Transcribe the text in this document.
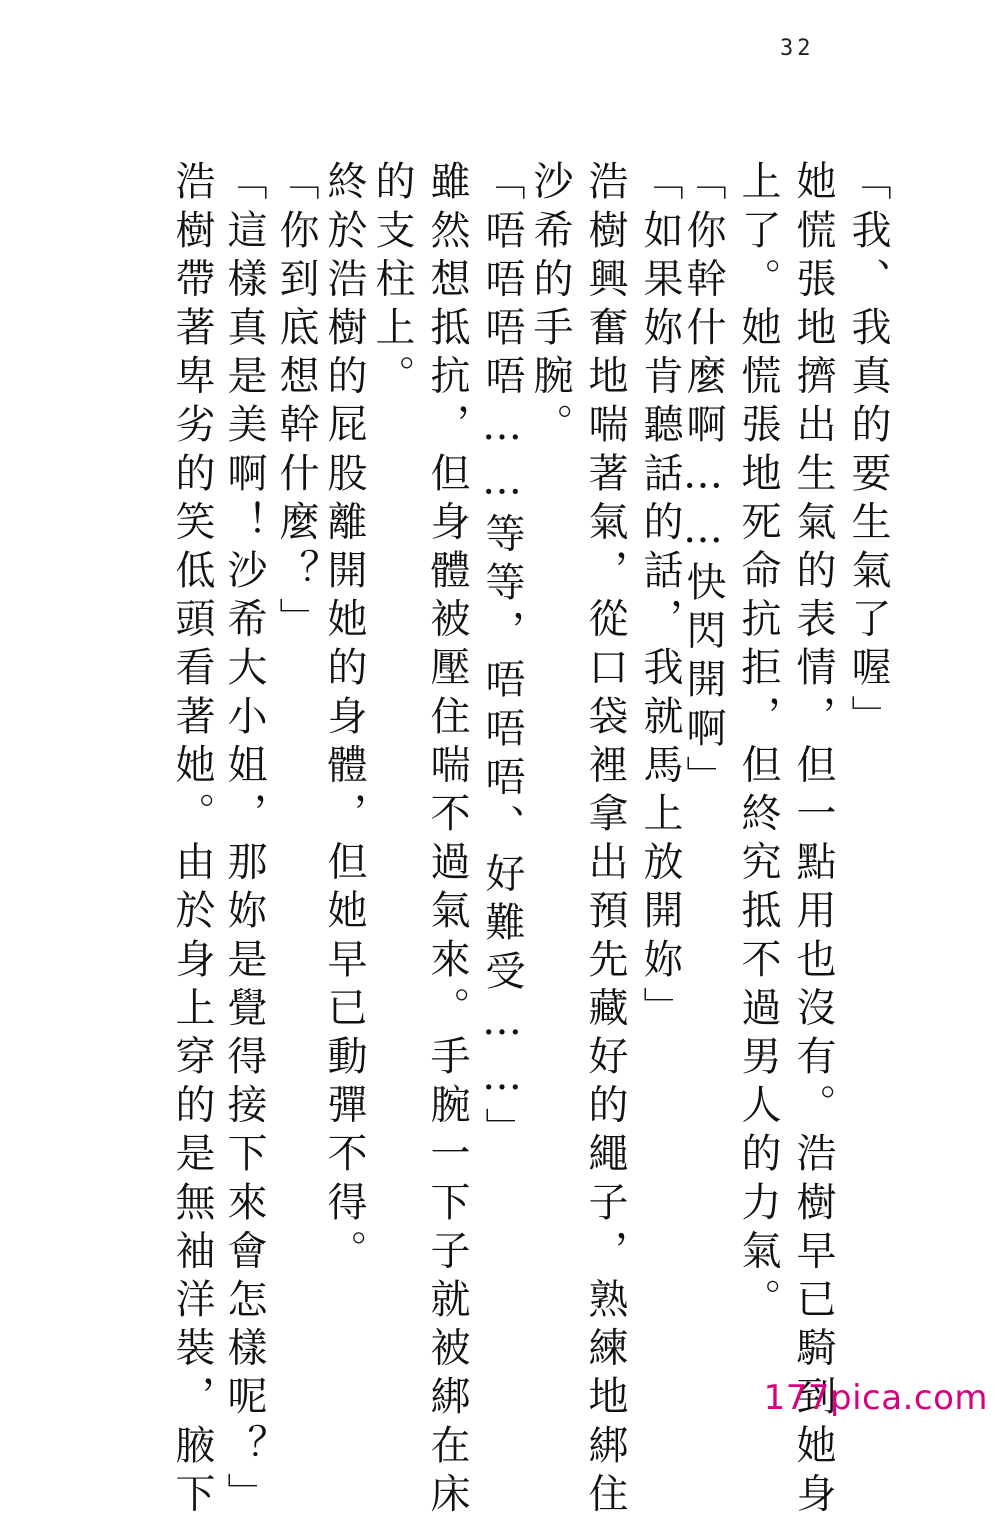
32
「我、我真的要生氣了喔」
她慌張地擠出生氣的表情，但一點用也沒有。浩樹早已騎到她身
上了。她慌張地死命抗拒，但終究抵不過男人的力氣。
「你幹什麼啊……快閃開啊」
「如果妳肯聽話的話，我就馬上放開妳」
浩樹興奮地喘著氣，從口袋裡拿出預先藏好的繩子，熟練地綁住
沙希的手腕。
「唔唔唔唔……等等，唔唔唔、好難受……」
雖然想抵抗，但身體被壓住喘不過氣來。手腕一下子就被綁在床
的支柱上。
終於浩樹的屁股離開她的身體，但她早已動彈不得。
「你到底想幹什麼？」
「這樣真是美啊！沙希大小姐，那妳是覺得接下來會怎樣呢？」
浩樹帶著卑劣的笑低頭看著她。由於身上穿的是無袖洋裝，腋下	177pica.com
